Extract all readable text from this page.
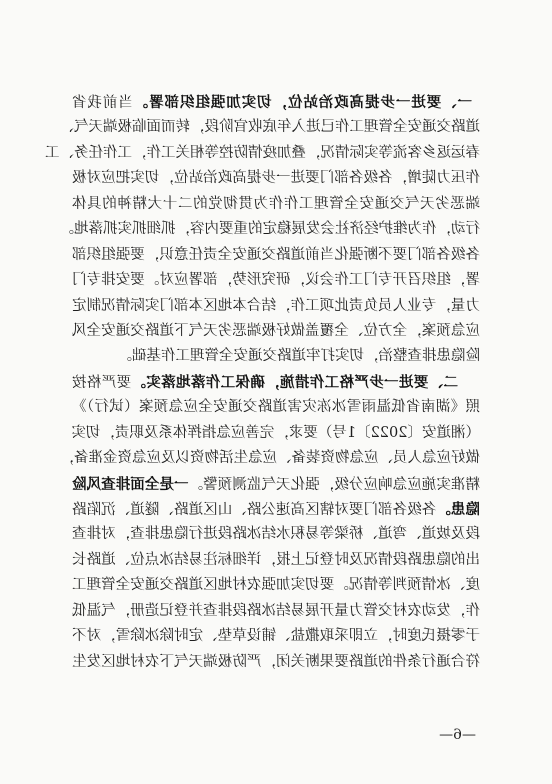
一、要进一步提高政治站位，切实加强组织部署。当前我省
道路交通安全管理工作已进入年底收官阶段，转而面临极端天气、
春运返乡客流等实际情况，叠加疫情防控等相关工作，工作任务、工
作压力陡增，各级各部门要进一步提高政治站位，切实把应对极
端恶劣天气交通安全管理工作作为贯彻党的二十大精神的具体
行动，作为维护经济社会发展稳定的重要内容，抓细抓实抓落地。
各级各部门要不断强化当前道路交通安全责任意识，要强组织部
署，组织召开专门工作会议，研究形势，部署应对。要安排专门
力量，专业人员负责此项工作，结合本地区本部门实际情况制定
应急预案，全方位、全覆盖做好极端恶劣天气下道路交通安全风
险隐患排查整治，切实打牢道路交通安全管理工作基础。
二、要进一步严格工作措施，确保工作落地落实。要严格按
照《湖南省低温雨雪冰冻灾害道路交通安全应急预案（试行）》
（湘道安〔2022〕1号）要求，完善应急指挥体系及职责，切实
做好应急人员、应急物资装备、应急生活物资以及应急资金准备，
精准实施应急响应分级，强化天气监测预警。一是全面排查风险
隐患。各级各部门要对辖区高速公路、山区道路、隧道、沉陷路
段及坡道、弯道、桥梁等易积水结冰路段进行隐患排查，对排查
出的隐患路段情况及时登记上报，详细标注易结冰点位、道路长
度、冰情预判等情况。要切实加强农村地区道路交通安全管理工
作，发动农村交管力量开展易结冰路段排查并登记造册，气温低
于零摄氏度时，立即采取撒盐、铺设草垫、定时除冰除雪，对不
符合通行条件的道路要果断关闭，严防极端天气下农村地区发生
—6—
